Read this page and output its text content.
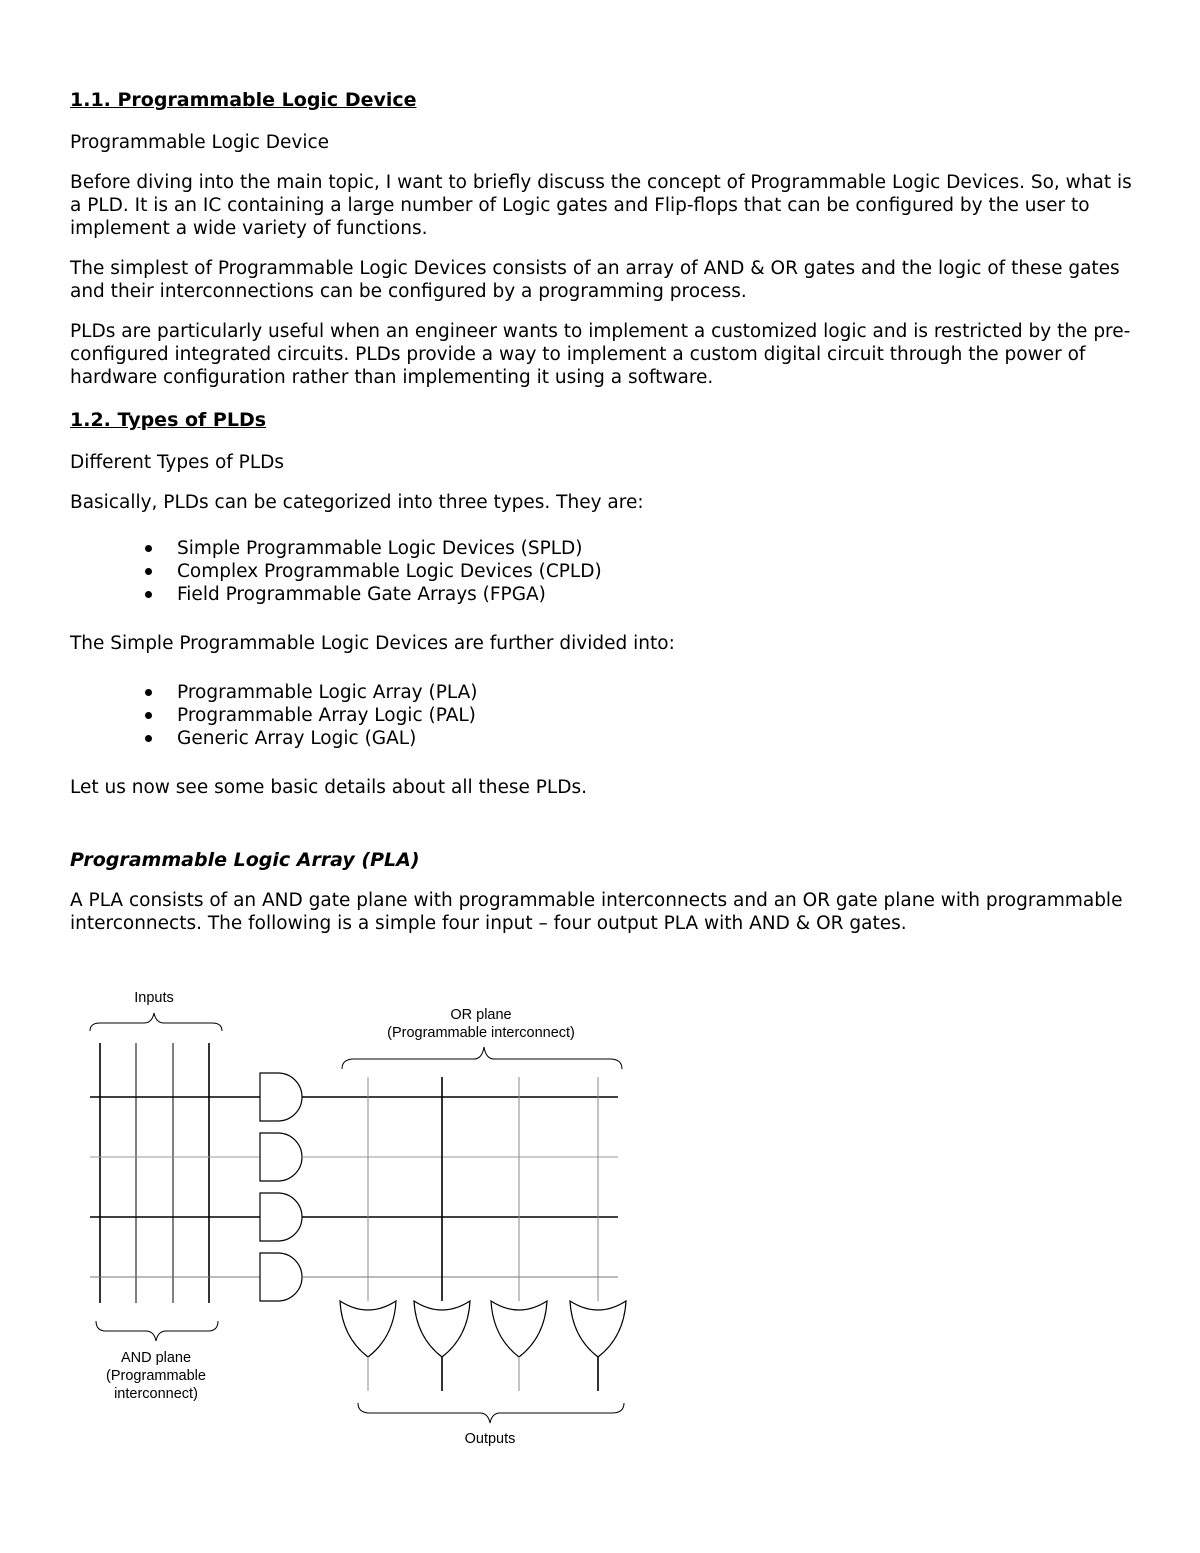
1.1. Programmable Logic Device

Programmable Logic Device

Before diving into the main topic, I want to briefly discuss the concept of Programmable Logic Devices. So, what is a PLD. It is an IC containing a large number of Logic gates and Flip-flops that can be configured by the user to implement a wide variety of functions.

The simplest of Programmable Logic Devices consists of an array of AND & OR gates and the logic of these gates and their interconnections can be configured by a programming process.

PLDs are particularly useful when an engineer wants to implement a customized logic and is restricted by the pre-configured integrated circuits. PLDs provide a way to implement a custom digital circuit through the power of hardware configuration rather than implementing it using a software.

1.2. Types of PLDs

Different Types of PLDs

Basically, PLDs can be categorized into three types. They are:

Simple Programmable Logic Devices (SPLD)
Complex Programmable Logic Devices (CPLD)
Field Programmable Gate Arrays (FPGA)

The Simple Programmable Logic Devices are further divided into:

Programmable Logic Array (PLA)
Programmable Array Logic (PAL)
Generic Array Logic (GAL)

Let us now see some basic details about all these PLDs.

Programmable Logic Array (PLA)

A PLA consists of an AND gate plane with programmable interconnects and an OR gate plane with programmable interconnects. The following is a simple four input – four output PLA with AND & OR gates.

Inputs
OR plane
(Programmable interconnect)
AND plane
(Programmable
interconnect)
Outputs
